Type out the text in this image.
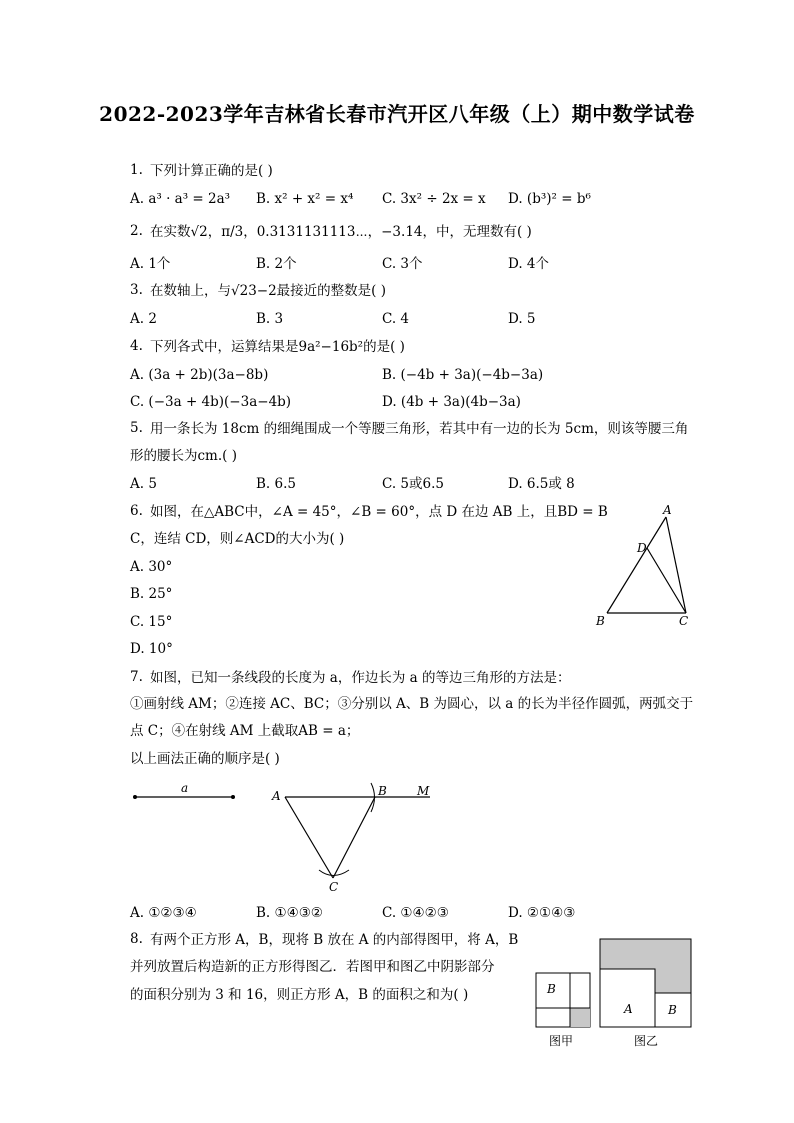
2022-2023学年吉林省长春市汽开区八年级（上）期中数学试卷
1. 下列计算正确的是( )
A. a³ · a³ = 2a³ B. x² + x² = x⁴ C. 3x² ÷ 2x = x D. (b³)² = b⁶
2. 在实数√2，π/3，0.3131131113⋯，−3.14，中，无理数有( )
A. 1个	B. 2个	C. 3个	D. 4个
3. 在数轴上，与√23−2最接近的整数是( )
A. 2	B. 3	C. 4	D. 5
4. 下列各式中，运算结果是9a²−16b²的是( )
A. (3a + 2b)(3a−8b)	B. (−4b + 3a)(−4b−3a)
C. (−3a + 4b)(−3a−4b)	D. (4b + 3a)(4b−3a)
5. 用一条长为 18cm 的细绳围成一个等腰三角形，若其中有一边的长为 5cm，则该等腰三角
形的腰长为cm.( )
A. 5	B. 6.5	C. 5或6.5	D. 6.5或 8
6. 如图，在△ABC中，∠A = 45°，∠B = 60°，点 D 在边 AB 上，且BD = B
C，连结 CD，则∠ACD的大小为( )
A. 30°
B. 25°
C. 15°
D. 10°
A
D
B	C
7. 如图，已知一条线段的长度为 a，作边长为 a 的等边三角形的方法是：
①画射线 AM；②连接 AC、BC；③分别以 A、B 为圆心，以 a 的长为半径作圆弧，两弧交于
点 C；④在射线 AM 上截取AB = a；
以上画法正确的顺序是( )
a
A	B	M
C
A. ①②③④	B. ①④③②	C. ①④②③	D. ②①④③
8. 有两个正方形 A，B，现将 B 放在 A 的内部得图甲，将 A，B
并列放置后构造新的正方形得图乙．若图甲和图乙中阴影部分
的面积分别为 3 和 16，则正方形 A，B 的面积之和为( )	B
图甲
A	B
图乙
